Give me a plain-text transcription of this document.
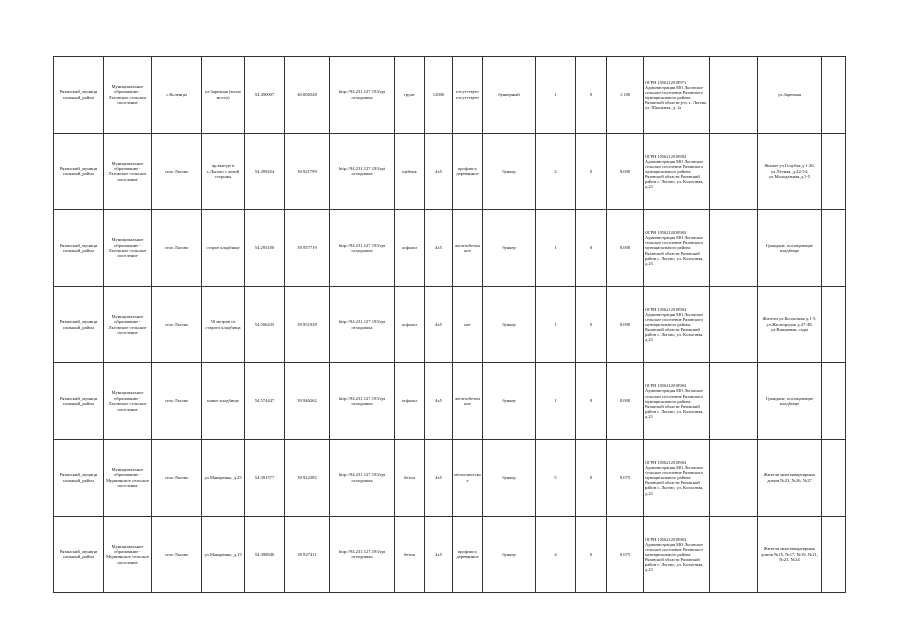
Рязанский_муници пальный_район	Муниципальное образование - Льговское сельское поселение	с.Коленцы	ул.Заречная (возле моста)	54.490007	40.006528	http://94.231.127.193/rpt отходишка	грунт	12000	отсутствует отсутствует	бункерный	1	0	1,100	ОГРН 1056212018973 Администрация МО Льговское сельское поселение Рязанского муниципального района Рязанской области р-н, с. Льгово, ул. Школьная, д. 1а		ул.Заречная	
Рязанский_муници пальный_район	Муниципальное образование - Льговское сельское поселение	село Льгово	пр.выезде в с.Льгово с левой стороны	54.499454	39.921799	http://94.231.127.193/rpt отходишка	щебень	4х5	профлист, деревянное	бункер	2	0	8,000	ОГРН 1056212018984 Администрация МО Льговское сельское поселение Рязанского муниципального района Рязанской области Рязанский район с. Льгово, ул. Колхозная, д.23		Жилые ул.Голубая д.1-20, ул.Лесная, д.42-54, ул.Молодежная д.1-5	
Рязанский_муници пальный_район	Муниципальное образование - Льговское сельское поселение	село Льгово	старое кладбище	54.293100	39.957719	http://94.231.127.193/rpt отходишка	асфальт	4х5	железобетонное	бункер	1	0	8,000	ОГРН 1056212018984 Администрация МО Льговское сельское поселение Рязанского муниципального района Рязанской области Рязанский район с. Льгово, ул. Колхозная, д.23		Граждане, посещающие кладбище	
Рязанский_муници пальный_район	Муниципальное образование - Льговское сельское поселение	село Льгово	50 метров от старого кладбища	54.506435	39.951038	http://94.231.127.193/rpt отходишка	асфальт	4х5	нет	бункер	1	0	8,000	ОГРН 1056212018984 Администрация МО Льговское сельское поселение Рязанского муниципального района Рязанской области Рязанский район с. Льгово, ул. Колхозная, д.23		Жители ул.Колхозная д.1-5, ул.Жилгородок д.47-48, ул.Вишневая, сады	
Рязанский_муници пальный_район	Муниципальное образование - Льговское сельское поселение	село Льгово	новое кладбище	54.574447	39.946262	http://94.231.127.193/rpt отходишка	асфальт	4х5	железобетонное	бункер	1	0	8,000	ОГРН 1056212018984 Администрация МО Льговское сельское поселение Рязанского муниципального района Рязанской области Рязанский район с. Льгово, ул. Колхозная, д.23		Граждане, посещающие кладбище	
Рязанский_муници пальный_район	Муниципальное образование - Мурминское сельское поселение	село Льгово	ул.Макаренко, д.25	54.391577	39.922385	http://94.231.127.193/rpt отходишка	бетон	4х5	металлическое	бункер	5	0	0,075	ОГРН 1056212018984 Администрация МО Льговское сельское поселение Рязанского муниципального района Рязанской области Рязанский район с. Льгово, ул. Колхозная, д.23		Жители многоквартирных домов №23, №26, №27	
Рязанский_муници пальный_район	Муниципальное образование - Мурминское сельское поселение	село Льгово	ул.Макаренко, д.15	54.398840	39.927411	http://94.231.127.193/rpt отходишка	бетон	4х5	профлист, деревянное	бункер	4	0	0,075	ОГРН 1056212018984 Администрация МО Льговское сельское поселение Рязанского муниципального района Рязанской области Рязанский район с. Льгово, ул. Колхозная, д.23		Жители многоквартирных домов №15, №17, №19, №21, №23, №24	
